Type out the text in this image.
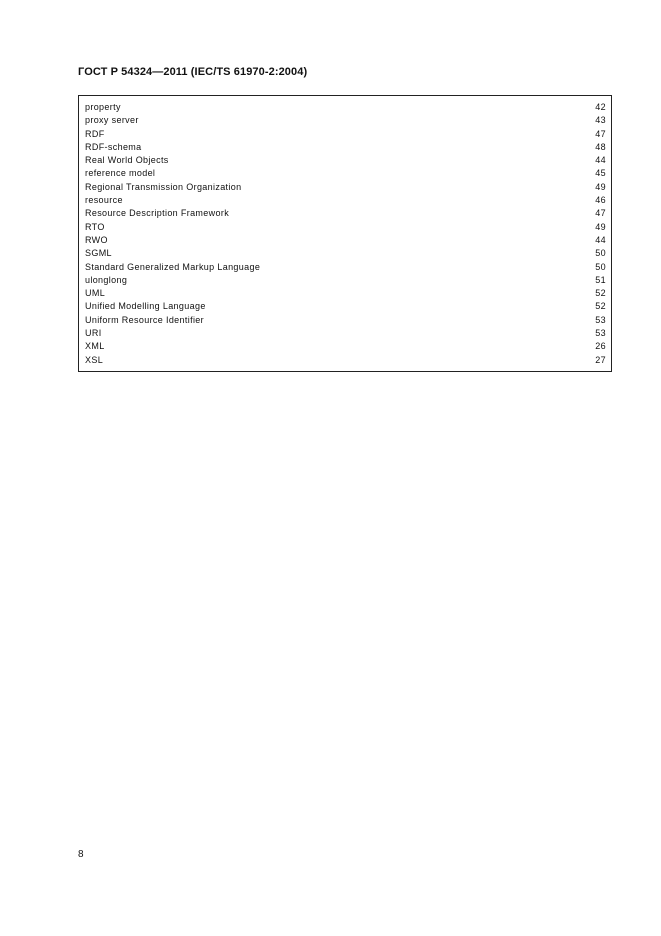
ГОСТ Р 54324—2011 (IEC/TS 61970-2:2004)
property	42
proxy server	43
RDF	47
RDF-schema	48
Real World Objects	44
reference model	45
Regional Transmission Organization	49
resource	46
Resource Description Framework	47
RTO	49
RWO	44
SGML	50
Standard Generalized Markup Language	50
ulonglong	51
UML	52
Unified Modelling Language	52
Uniform Resource Identifier	53
URI	53
XML	26
XSL	27
8
